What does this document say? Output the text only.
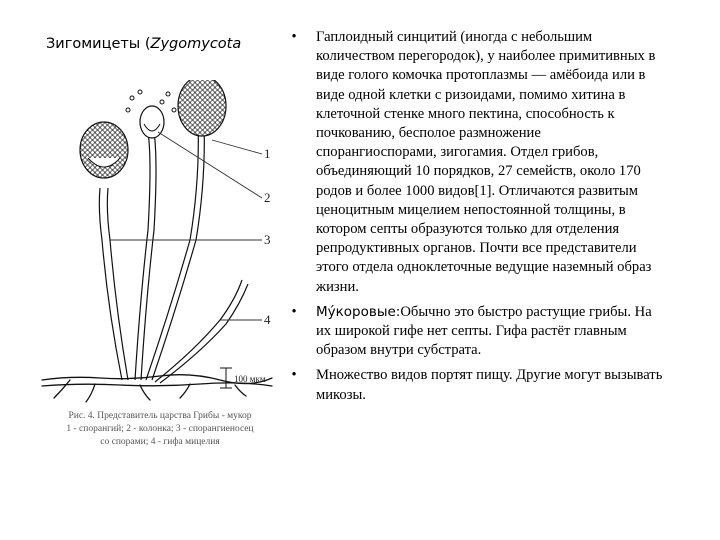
Зигомицеты (Zygomycota
1
2
3
4
100 мкм
Рис. 4. Представитель царства Грибы - мукор
1 - спорангий; 2 - колонка; 3 - спорангиеносец
со спорами; 4 - гифа мицелия
•	Гаплоидный синцитий (иногда с небольшим количеством перегородок), у наиболее примитивных в виде голого комочка протоплазмы — амёбоида или в виде одной клетки с ризоидами, помимо хитина в клеточной стенке много пектина, способность к почкованию, бесполое размножение спорангиоспорами, зигогамия. Отдел грибов, объединяющий 10 порядков, 27 семейств, около 170 родов и более 1000 видов[1]. Отличаются развитым ценоцитным мицелием непостоянной толщины, в котором септы образуются только для отделения репродуктивных органов. Почти все представители этого отдела одноклеточные ведущие наземный образ жизни.
•	Му́коровые:Обычно это быстро растущие грибы. На их широкой гифе нет септы. Гифа растёт главным образом внутри субстрата.
•	Множество видов портят пищу. Другие могут вызывать микозы.
